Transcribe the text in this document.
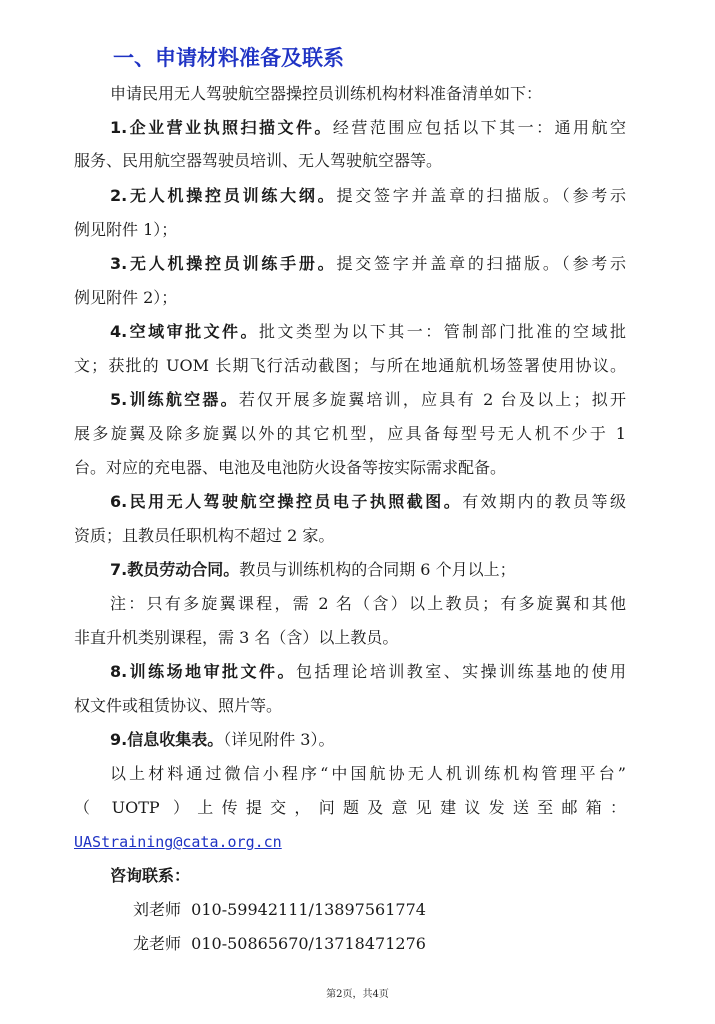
一、申请材料准备及联系
申请民用无人驾驶航空器操控员训练机构材料准备清单如下：
1.企业营业执照扫描文件。经营范围应包括以下其一：通用航空
服务、民用航空器驾驶员培训、无人驾驶航空器等。
2.无人机操控员训练大纲。提交签字并盖章的扫描版。（参考示
例见附件 1）；
3.无人机操控员训练手册。提交签字并盖章的扫描版。（参考示
例见附件 2）；
4.空域审批文件。批文类型为以下其一：管制部门批准的空域批
文；获批的 UOM 长期飞行活动截图；与所在地通航机场签署使用协议。
5.训练航空器。若仅开展多旋翼培训，应具有 2 台及以上；拟开
展多旋翼及除多旋翼以外的其它机型，应具备每型号无人机不少于 1
台。对应的充电器、电池及电池防火设备等按实际需求配备。
6.民用无人驾驶航空操控员电子执照截图。有效期内的教员等级
资质；且教员任职机构不超过 2 家。
7.教员劳动合同。教员与训练机构的合同期 6 个月以上；
注：只有多旋翼课程，需 2 名（含）以上教员；有多旋翼和其他
非直升机类别课程，需 3 名（含）以上教员。
8.训练场地审批文件。包括理论培训教室、实操训练基地的使用
权文件或租赁协议、照片等。
9.信息收集表。（详见附件 3）。
以上材料通过微信小程序“中国航协无人机训练机构管理平台”
（ UOTP ）上传提交，问题及意见建议发送至邮箱：
UAStraining@cata.org.cn
咨询联系：
刘老师  010-59942111/13897561774
龙老师  010-50865670/13718471276
第2页，共4页
